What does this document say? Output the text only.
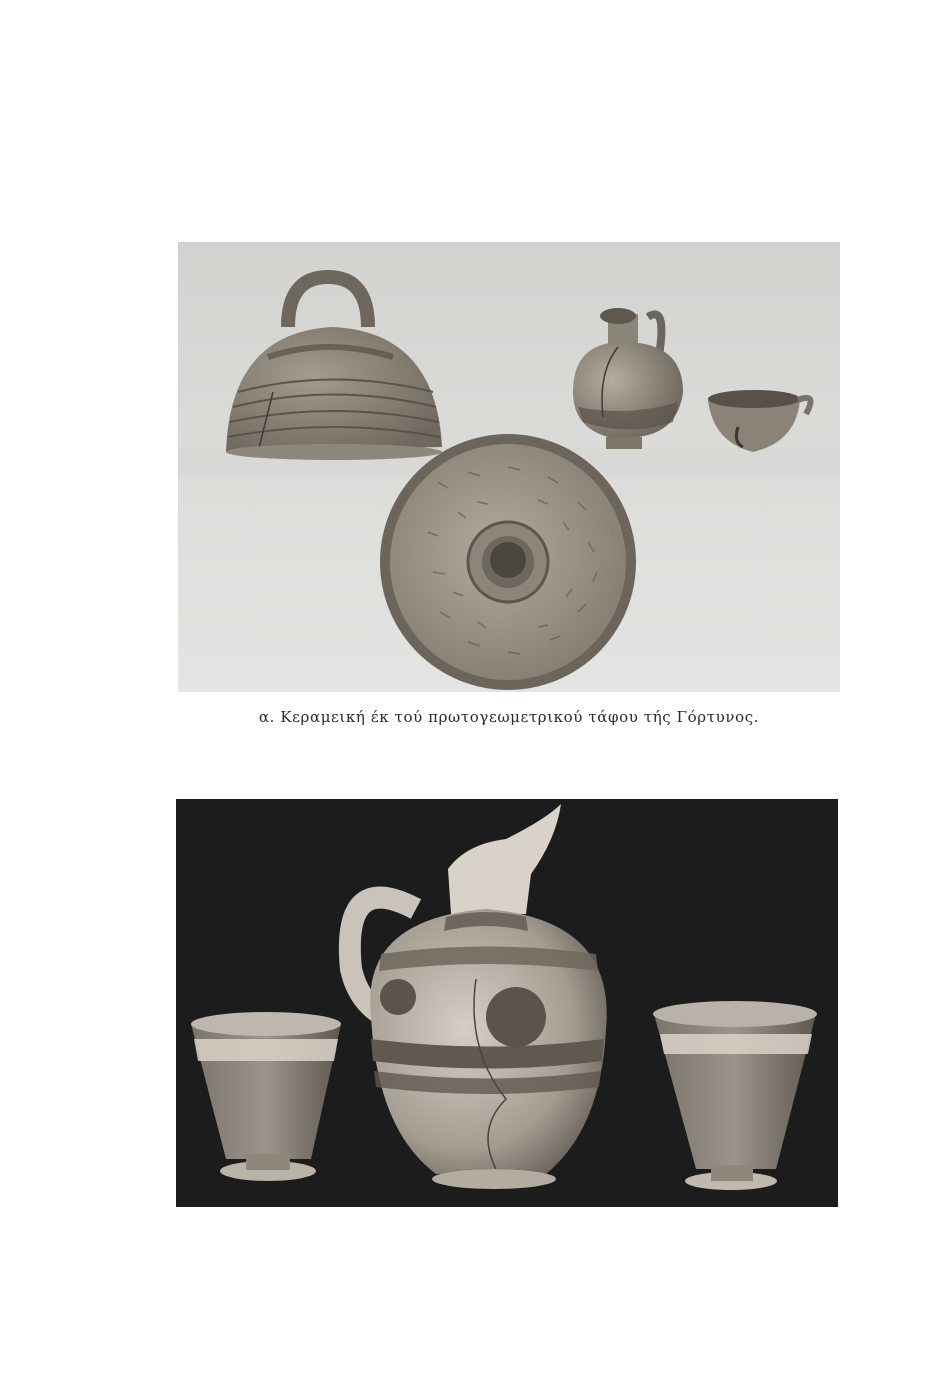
α. Κεραμεική έκ τού πρωτογεωμετρικού τάφου τής Γόρτυνος.
